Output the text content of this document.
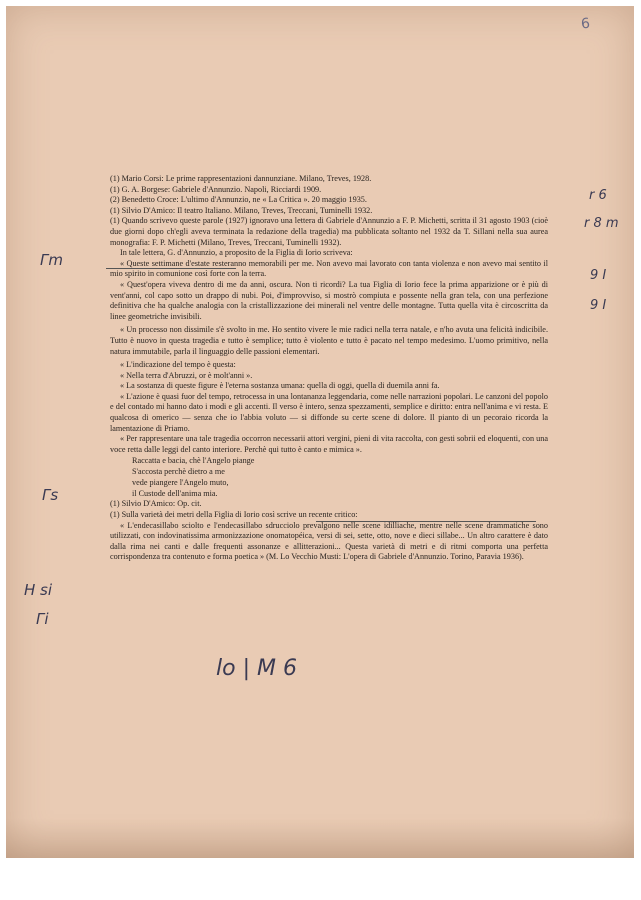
6

(1) Mario Corsi: Le prime rappresentazioni dannunziane. Milano, Treves, 1928.

(1) G. A. Borgese: Gabriele d'Annunzio. Napoli, Ricciardi 1909.

(2) Benedetto Croce: L'ultimo d'Annunzio, ne « La Critica ». 20 maggio 1935.

(1) Silvio D'Amico: Il teatro Italiano. Milano, Treves, Treccani, Tuminelli 1932.

(1) Quando scrivevo queste parole (1927) ignoravo una lettera di Gabriele d'Annunzio a F. P. Michetti, scritta il 31 agosto 1903 (cioè due giorni dopo ch'egli aveva terminata la redazione della tragedia) ma pubblicata soltanto nel 1932 da T. Sillani nella sua aurea monografia: F. P. Michetti (Milano, Treves, Treccani, Tuminelli 1932).

In tale lettera, G. d'Annunzio, a proposito de la Figlia di Iorio scriveva:

« Queste settimane d'estate resteranno memorabili per me. Non avevo mai lavorato con tanta violenza e non avevo mai sentito il mio spirito in comunione così forte con la terra.

« Quest'opera viveva dentro di me da anni, oscura. Non ti ricordi? La tua Figlia di Iorio fece la prima apparizione or è più di vent'anni, col capo sotto un drappo di nubi. Poi, d'improvviso, si mostrò compiuta e possente nella gran tela, con una perfezione definitiva che ha qualche analogia con la cristallizzazione dei minerali nel ventre delle montagne. Tutta quella vita è circoscritta da linee geometriche invisibili.

« Un processo non dissimile s'è svolto in me. Ho sentito vivere le mie radici nella terra natale, e n'ho avuta una felicità indicibile. Tutto è nuovo in questa tragedia e tutto è semplice; tutto è violento e tutto è pacato nel tempo medesimo. L'uomo primitivo, nella natura immutabile, parla il linguaggio delle passioni elementari.

« L'indicazione del tempo è questa:

« Nella terra d'Abruzzi, or è molt'anni ».

« La sostanza di queste figure è l'eterna sostanza umana: quella di oggi, quella di duemila anni fa.

« L'azione è quasi fuor del tempo, retrocessa in una lontananza leggendaria, come nelle narrazioni popolari. Le canzoni del popolo e del contado mi hanno dato i modi e gli accenti. Il verso è intero, senza spezzamenti, semplice e diritto: entra nell'anima e vi resta. E qualcosa di omerico — senza che io l'abbia voluto — si diffonde su certe scene di dolore. Il pianto di un pecoraio ricorda la lamentazione di Priamo.

« Per rappresentare una tale tragedia occorron necessarii attori vergini, pieni di vita raccolta, con gesti sobrii ed eloquenti, con una voce retta dalle leggi del canto interiore. Perchè qui tutto è canto e mimica ».

Raccatta e bacia, chè l'Angelo piange

S'accosta perchè dietro a me

vede piangere l'Angelo muto,

il Custode dell'anima mia.

(1) Silvio D'Amico: Op. cit.

(1) Sulla varietà dei metri della Figlia di Iorio così scrive un recente critico:

« L'endecasillabo sciolto e l'endecasillabo sdrucciolo prevalgono nelle scene idilliache, mentre nelle scene drammatiche sono utilizzati, con indovinatissima armonizzazione onomatopéica, versi di sei, sette, otto, nove e dieci sillabe... Un altro carattere è dato dalla rima nei canti e dalle frequenti assonanze e allitterazioni... Questa varietà di metri e di ritmi comporta una perfetta corrispondenza tra contenuto e forma poetica » (M. Lo Vecchio Musti: L'opera di Gabriele d'Annunzio. Torino, Paravia 1936).

r 6
r 8 m
Γm
9 I
9 I
Γs
H si
Γi
lo | M 6
